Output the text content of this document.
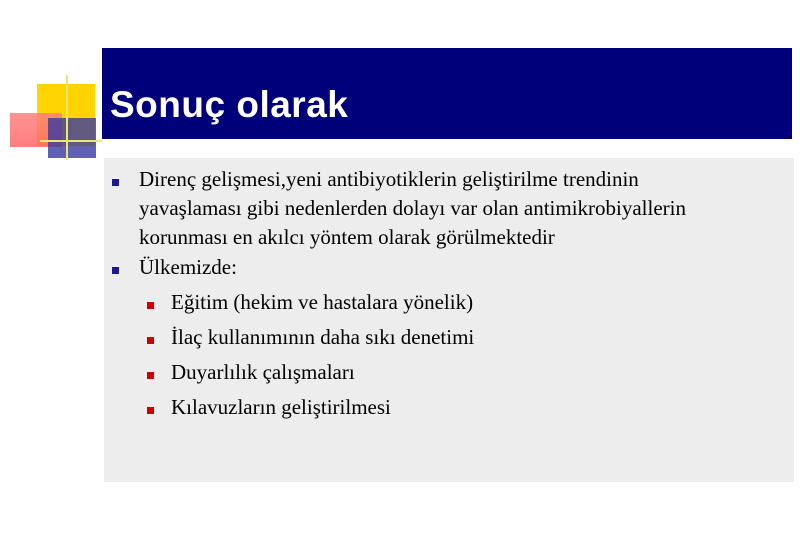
Sonuç olarak
Direnç gelişmesi,yeni antibiyotiklerin geliştirilme trendinin
yavaşlaması gibi nedenlerden dolayı var olan antimikrobiyallerin
korunması en akılcı yöntem olarak görülmektedir
Ülkemizde:
Eğitim (hekim ve hastalara yönelik)
İlaç kullanımının daha sıkı denetimi
Duyarlılık çalışmaları
Kılavuzların geliştirilmesi
